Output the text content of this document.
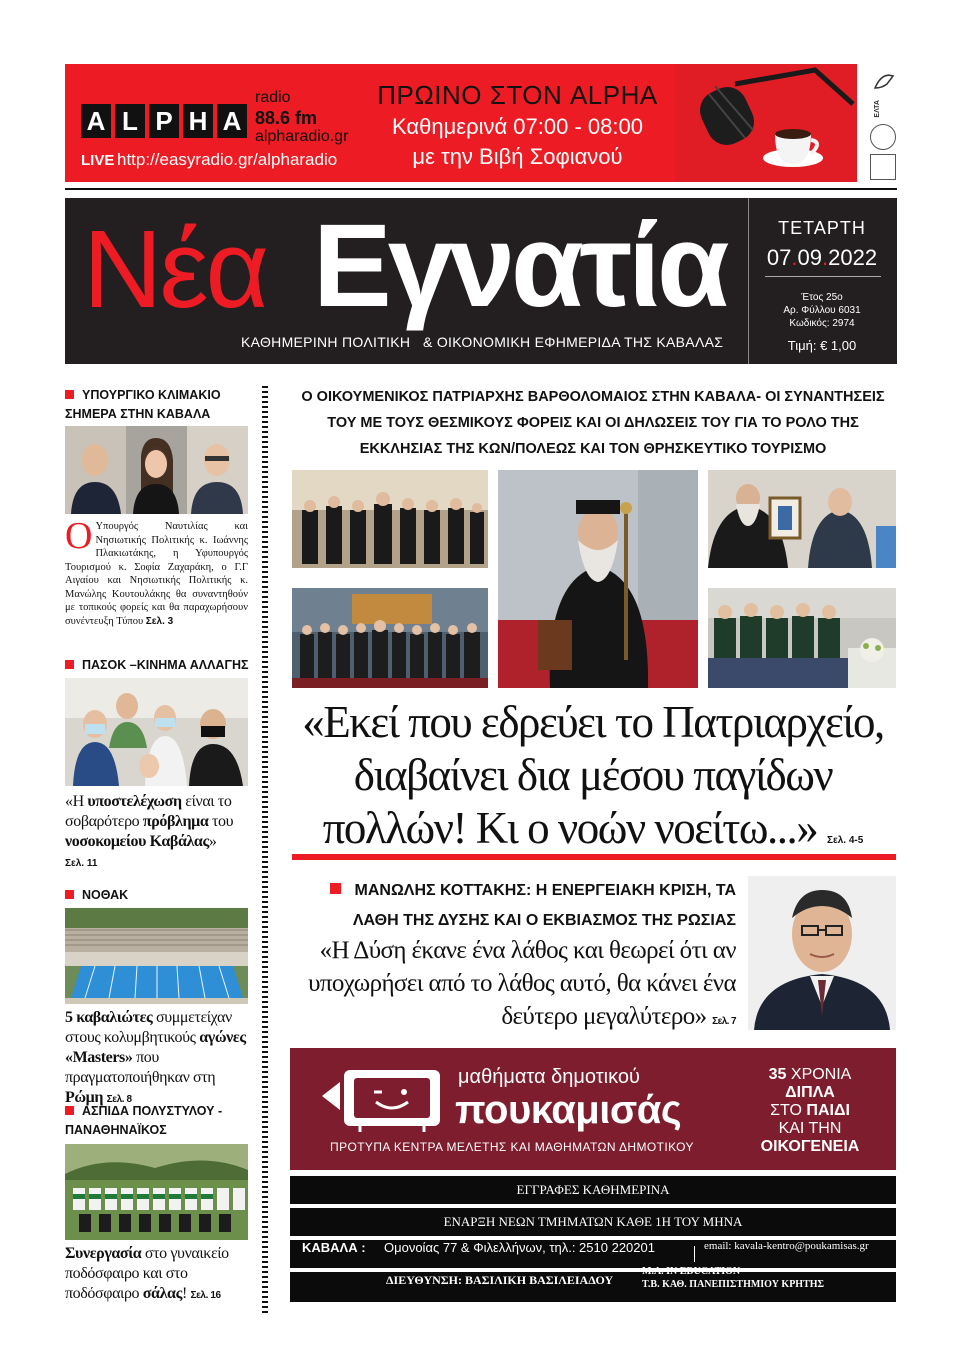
A L P H A
radio
88.6 fm
alpharadio.gr
LIVE http://easyradio.gr/alpharadio
ΠΡΩΙΝΟ ΣΤΟΝ ALPHA
Καθημερινά 07:00 - 08:00
με την Βιβή Σοφιανού
ΕΛΤΑ
Νέα Εγνατία
ΚΑΘΗΜΕΡΙΝΗ ΠΟΛΙΤΙΚΗ & ΟΙΚΟΝΟΜΙΚΗ ΕΦΗΜΕΡΙΔΑ ΤΗΣ ΚΑΒΑΛΑΣ
ΤΕΤΑΡΤΗ
07.09.2022
Έτος 25ο
Αρ. Φύλλου 6031
Κωδικός: 2974
Τιμή: € 1,00
ΥΠΟΥΡΓΙΚΟ ΚΛΙΜΑΚΙΟ
ΣΗΜΕΡΑ ΣΤΗΝ ΚΑΒΑΛΑ
Ο Υπουργός Ναυτιλίας και Νησιωτικής Πολιτικής κ. Ιωάννης Πλακιωτάκης, η Υφυπουργός Τουρισμού κ. Σοφία Ζαχαράκη, ο Γ.Γ Αιγαίου και Νησιωτικής Πολιτικής κ. Μανώλης Κουτουλάκης θα συναντηθούν με τοπικούς φορείς και θα παραχωρήσουν συνέντευξη Τύπου Σελ. 3
ΠΑΣΟΚ –ΚΙΝΗΜΑ ΑΛΛΑΓΗΣ
«Η υποστελέχωση είναι το σοβαρότερο πρόβλημα του νοσοκομείου Καβάλας»
Σελ. 11
ΝΟΘΑΚ
5 καβαλιώτες συμμετείχαν στους κολυμβητικούς αγώνες «Masters» που πραγματοποιήθηκαν στη Ρώμη Σελ. 8
ΑΣΠΙΔΑ ΠΟΛΥΣΤΥΛΟΥ -
ΠΑΝΑΘΗΝΑΪΚΟΣ
Συνεργασία στο γυναικείο ποδόσφαιρο και στο ποδόσφαιρο σάλας! Σελ. 16
Ο ΟΙΚΟΥΜΕΝΙΚΟΣ ΠΑΤΡΙΑΡΧΗΣ ΒΑΡΘΟΛΟΜΑΙΟΣ ΣΤΗΝ ΚΑΒΑΛΑ- ΟΙ ΣΥΝΑΝΤΗΣΕΙΣ ΤΟΥ ΜΕ ΤΟΥΣ ΘΕΣΜΙΚΟΥΣ ΦΟΡΕΙΣ ΚΑΙ ΟΙ ΔΗΛΩΣΕΙΣ ΤΟΥ ΓΙΑ ΤΟ ΡΟΛΟ ΤΗΣ ΕΚΚΛΗΣΙΑΣ ΤΗΣ ΚΩΝ/ΠΟΛΕΩΣ ΚΑΙ ΤΟΝ ΘΡΗΣΚΕΥΤΙΚΟ ΤΟΥΡΙΣΜΟ
«Εκεί που εδρεύει το Πατριαρχείο, διαβαίνει δια μέσου παγίδων πολλών! Κι ο νοών νοείτω...» Σελ. 4-5
ΜΑΝΩΛΗΣ ΚΟΤΤΑΚΗΣ: Η ΕΝΕΡΓΕΙΑΚΗ ΚΡΙΣΗ, ΤΑ ΛΑΘΗ ΤΗΣ ΔΥΣΗΣ ΚΑΙ Ο ΕΚΒΙΑΣΜΟΣ ΤΗΣ ΡΩΣΙΑΣ
«Η Δύση έκανε ένα λάθος και θεωρεί ότι αν υποχωρήσει από το λάθος αυτό, θα κάνει ένα δεύτερο μεγαλύτερο» Σελ. 7
μαθήματα δημοτικού
πουκαμισάς
ΠΡΟΤΥΠΑ ΚΕΝΤΡΑ ΜΕΛΕΤΗΣ ΚΑΙ ΜΑΘΗΜΑΤΩΝ ΔΗΜΟΤΙΚΟΥ
35 ΧΡΟΝΙΑ
ΔΙΠΛΑ
ΣΤΟ ΠΑΙΔΙ
ΚΑΙ ΤΗΝ
ΟΙΚΟΓΕΝΕΙΑ
ΕΓΓΡΑΦΕΣ ΚΑΘΗΜΕΡΙΝΑ
ΕΝΑΡΞΗ ΝΕΩΝ ΤΜΗΜΑΤΩΝ ΚΑΘΕ 1Η ΤΟΥ ΜΗΝΑ
ΚΑΒΑΛΑ : Ομονοίας 77 & Φιλελλήνων, τηλ.: 2510 220201	email: kavala-kentro@poukamisas.gr
ΔΙΕΥΘΥΝΣΗ: ΒΑΣΙΛΙΚΗ ΒΑΣΙΛΕΙΑΔΟΥ
M.A. IN EDUCATION
Τ.Β. ΚΑΘ. ΠΑΝΕΠΙΣΤΗΜΙΟΥ ΚΡΗΤΗΣ
